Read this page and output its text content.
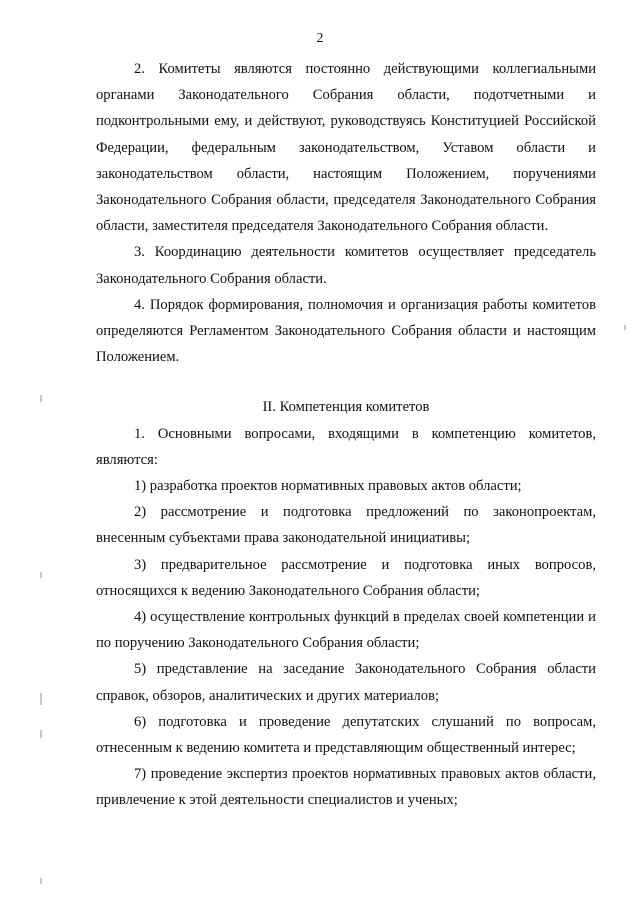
2

2. Комитеты являются постоянно действующими коллегиальными органами Законодательного Собрания области, подотчетными и подконтрольными ему, и действуют, руководствуясь Конституцией Российской Федерации, федеральным законодательством, Уставом области и законодательством области, настоящим Положением, поручениями Законодательного Собрания области, председателя Законодательного Собрания области, заместителя председателя Законодательного Собрания области.

3. Координацию деятельности комитетов осуществляет председатель Законодательного Собрания области.

4. Порядок формирования, полномочия и организация работы комитетов определяются Регламентом Законодательного Собрания области и настоящим Положением.

II. Компетенция комитетов

1. Основными вопросами, входящими в компетенцию комитетов, являются:

1) разработка проектов нормативных правовых актов области;

2) рассмотрение и подготовка предложений по законопроектам, внесенным субъектами права законодательной инициативы;

3) предварительное рассмотрение и подготовка иных вопросов, относящихся к ведению Законодательного Собрания области;

4) осуществление контрольных функций в пределах своей компетенции и по поручению Законодательного Собрания области;

5) представление на заседание Законодательного Собрания области справок, обзоров, аналитических и других материалов;

6) подготовка и проведение депутатских слушаний по вопросам, отнесенным к ведению комитета и представляющим общественный интерес;

7) проведение экспертиз проектов нормативных правовых актов области, привлечение к этой деятельности специалистов и ученых;
